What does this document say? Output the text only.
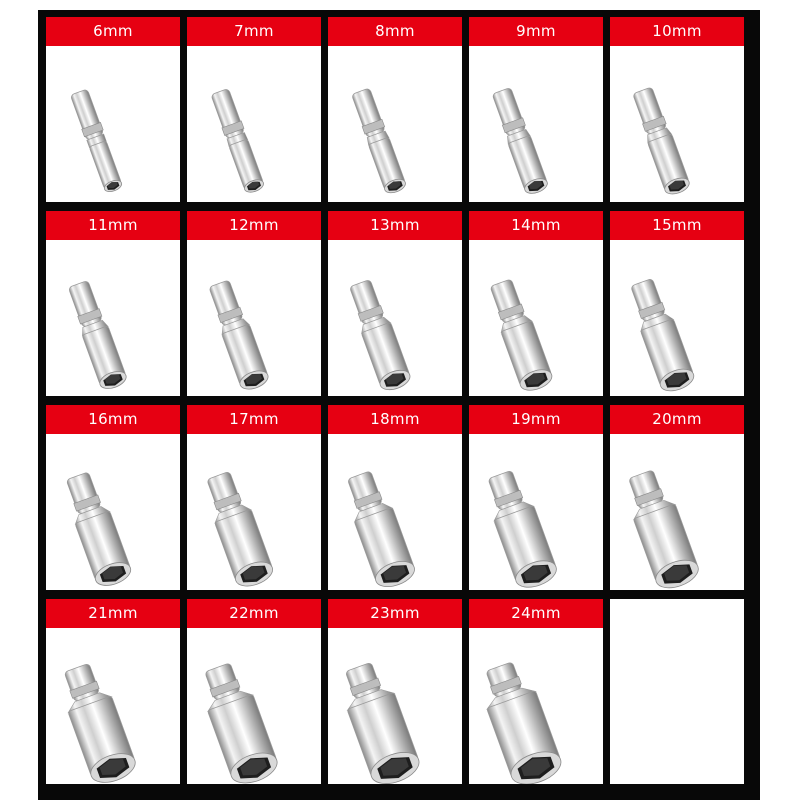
6mm	7mm	8mm	9mm	10mm
11mm	12mm	13mm	14mm	15mm
16mm	17mm	18mm	19mm	20mm
21mm	22mm	23mm	24mm
